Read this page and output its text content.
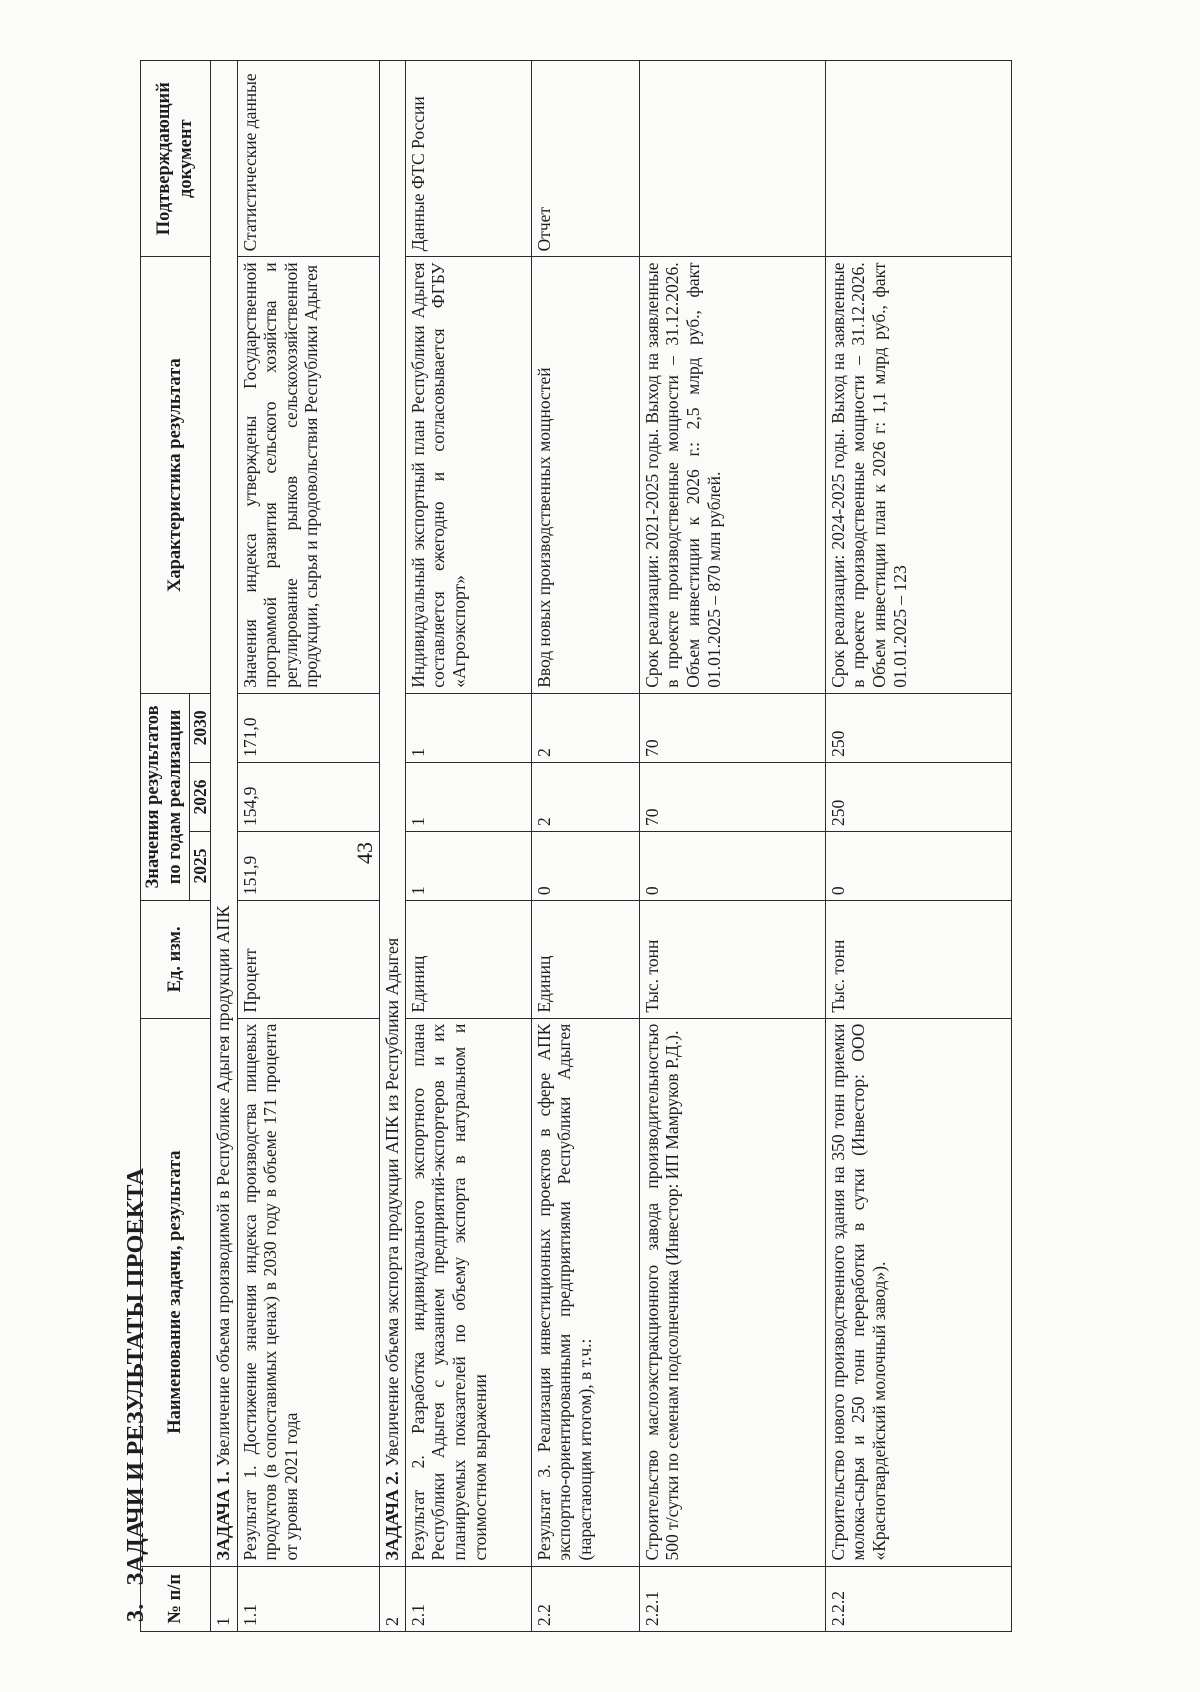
43
3.ЗАДАЧИ И РЕЗУЛЬТАТЫ ПРОЕКТА
№ п/п	Наименование задачи, результата	Ед. изм.	Значения результатов по годам реализации			Характеристика результата	Подтверждающий документ
			2025	2026	2030		
1	ЗАДАЧА 1. Увеличение объема производимой в Республике Адыгея продукции АПК						
1.1	Результат 1. Достижение значения индекса производства пищевых продуктов (в сопоставимых ценах) в 2030 году в объеме 171 процента от уровня 2021 года	Процент	151,9	154,9	171,0	Значения индекса утверждены Государственной программой развития сельского хозяйства и регулирование рынков сельскохозяйственной продукции, сырья и продовольствия Республики Адыгея	Статистические данные
2	ЗАДАЧА 2. Увеличение объема экспорта продукции АПК из Республики Адыгея						
2.1	Результат 2. Разработка индивидуального экспортного плана Республики Адыгея с указанием предприятий-экспортеров и их планируемых показателей по объему экспорта в натуральном и стоимостном выражении	Единиц	1	1	1	Индивидуальный экспортный план Республики Адыгея составляется ежегодно и согласовывается ФГБУ «Агроэкспорт»	Данные ФТС России
2.2	Результат 3. Реализация инвестиционных проектов в сфере АПК экспортно-ориентированными предприятиями Республики Адыгея (нарастающим итогом), в т.ч.:	Единиц	0	2	2	Ввод новых производственных мощностей	Отчет
2.2.1	Строительство маслоэкстракционного завода производительностью 500 т/сутки по семенам подсолнечника (Инвестор: ИП Мамруков Р.Д.).	Тыс. тонн	0	70	70	Срок реализации: 2021-2025 годы. Выход на заявленные в проекте производственные мощности – 31.12.2026. Объем инвестиции к 2026 г.: 2,5 млрд руб., факт 01.01.2025 – 870 млн рублей.	
2.2.2	Строительство нового производственного здания на 350 тонн приемки молока-сырья и 250 тонн переработки в сутки (Инвестор: ООО «Красногвардейский молочный завод»).	Тыс. тонн	0	250	250	Срок реализации: 2024-2025 годы. Выход на заявленные в проекте производственные мощности – 31.12.2026. Объем инвестиции план к 2026 г: 1,1 млрд руб., факт 01.01.2025 – 123	
